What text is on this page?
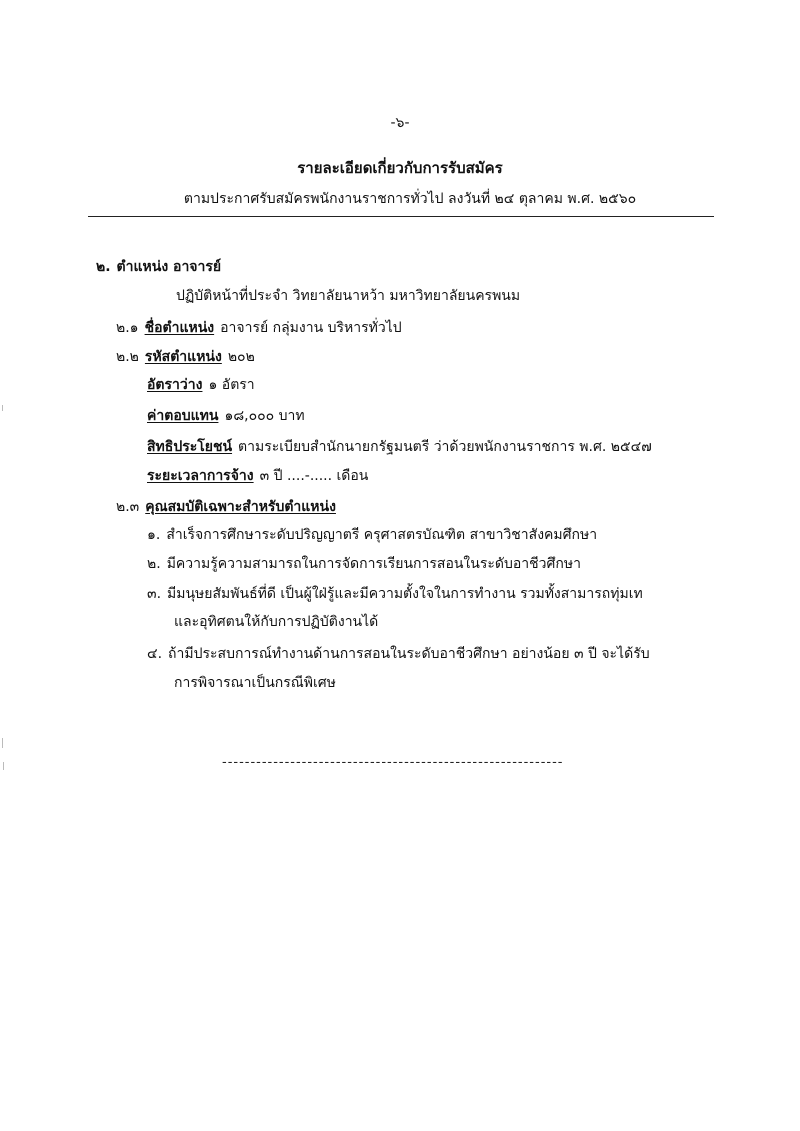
-๖-
รายละเอียดเกี่ยวกับการรับสมัคร
ตามประกาศรับสมัครพนักงานราชการทั่วไป ลงวันที่ ๒๔ ตุลาคม พ.ศ. ๒๕๖๐
๒. ตำแหน่ง อาจารย์
ปฏิบัติหน้าที่ประจำ วิทยาลัยนาหว้า มหาวิทยาลัยนครพนม
๒.๑ ชื่อตำแหน่ง อาจารย์ กลุ่มงาน บริหารทั่วไป
๒.๒ รหัสตำแหน่ง ๒๐๒
อัตราว่าง ๑ อัตรา
ค่าตอบแทน ๑๘,๐๐๐ บาท
สิทธิประโยชน์ ตามระเบียบสำนักนายกรัฐมนตรี ว่าด้วยพนักงานราชการ พ.ศ. ๒๕๔๗
ระยะเวลาการจ้าง ๓ ปี ....-..... เดือน
๒.๓ คุณสมบัติเฉพาะสำหรับตำแหน่ง
๑. สำเร็จการศึกษาระดับปริญญาตรี ครุศาสตรบัณฑิต สาขาวิชาสังคมศึกษา
๒. มีความรู้ความสามารถในการจัดการเรียนการสอนในระดับอาชีวศึกษา
๓. มีมนุษยสัมพันธ์ที่ดี เป็นผู้ใฝ่รู้และมีความตั้งใจในการทำงาน รวมทั้งสามารถทุ่มเท
และอุทิศตนให้กับการปฏิบัติงานได้
๔. ถ้ามีประสบการณ์ทำงานด้านการสอนในระดับอาชีวศึกษา อย่างน้อย ๓ ปี จะได้รับ
การพิจารณาเป็นกรณีพิเศษ
------------------------------------------------------------
